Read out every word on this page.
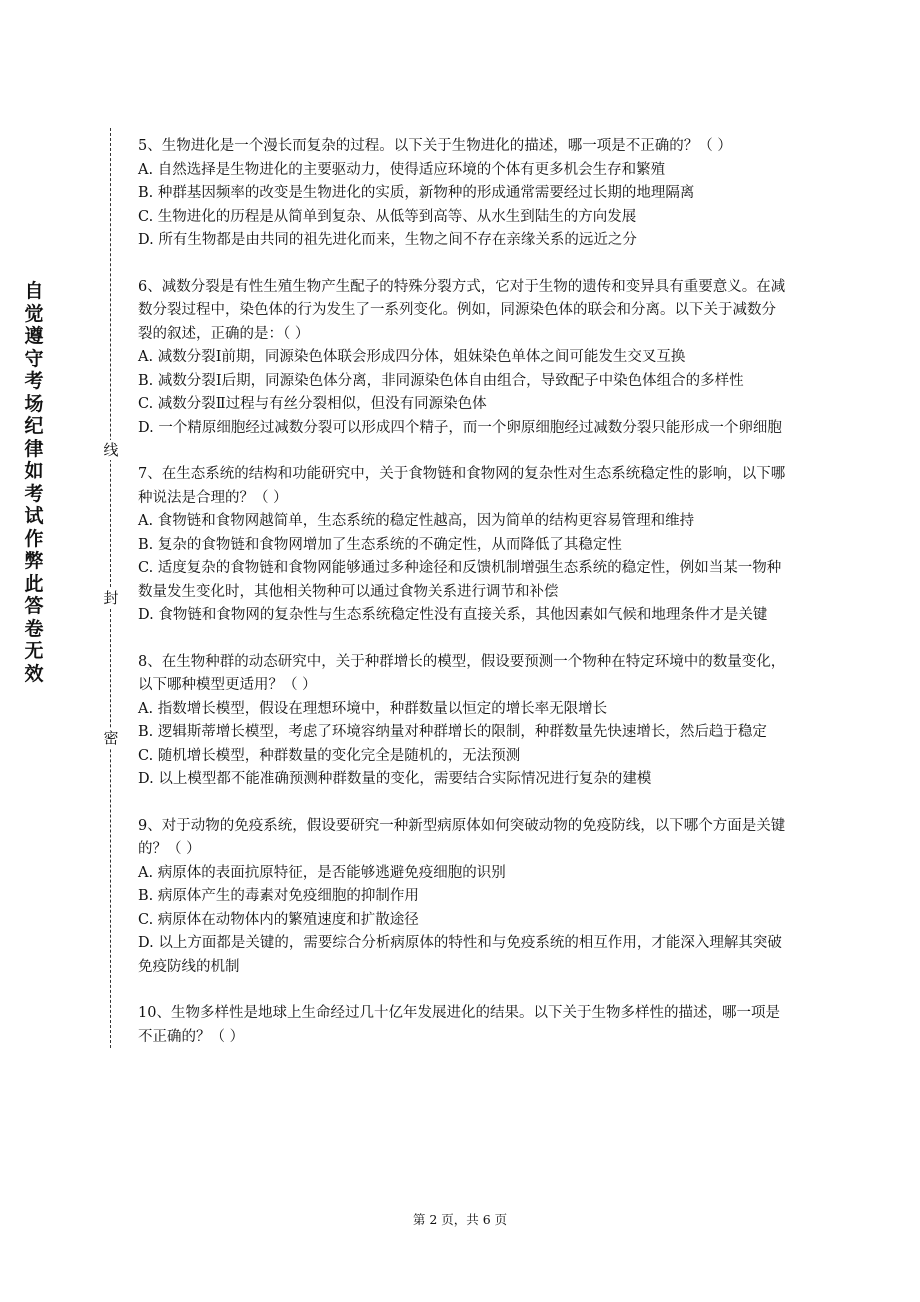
自觉遵守考场纪律如考试作弊此答卷无效
线
封
密

5、生物进化是一个漫长而复杂的过程。以下关于生物进化的描述，哪一项是不正确的？（ ）

A. 自然选择是生物进化的主要驱动力，使得适应环境的个体有更多机会生存和繁殖

B. 种群基因频率的改变是生物进化的实质，新物种的形成通常需要经过长期的地理隔离

C. 生物进化的历程是从简单到复杂、从低等到高等、从水生到陆生的方向发展

D. 所有生物都是由共同的祖先进化而来，生物之间不存在亲缘关系的远近之分

6、减数分裂是有性生殖生物产生配子的特殊分裂方式，它对于生物的遗传和变异具有重要意义。在减数分裂过程中，染色体的行为发生了一系列变化。例如，同源染色体的联会和分离。以下关于减数分裂的叙述，正确的是：（ ）

A. 减数分裂Ⅰ前期，同源染色体联会形成四分体，姐妹染色单体之间可能发生交叉互换

B. 减数分裂Ⅰ后期，同源染色体分离，非同源染色体自由组合，导致配子中染色体组合的多样性

C. 减数分裂Ⅱ过程与有丝分裂相似，但没有同源染色体

D. 一个精原细胞经过减数分裂可以形成四个精子，而一个卵原细胞经过减数分裂只能形成一个卵细胞

7、在生态系统的结构和功能研究中，关于食物链和食物网的复杂性对生态系统稳定性的影响，以下哪种说法是合理的？（ ）

A. 食物链和食物网越简单，生态系统的稳定性越高，因为简单的结构更容易管理和维持

B. 复杂的食物链和食物网增加了生态系统的不确定性，从而降低了其稳定性

C. 适度复杂的食物链和食物网能够通过多种途径和反馈机制增强生态系统的稳定性，例如当某一物种数量发生变化时，其他相关物种可以通过食物关系进行调节和补偿

D. 食物链和食物网的复杂性与生态系统稳定性没有直接关系，其他因素如气候和地理条件才是关键

8、在生物种群的动态研究中，关于种群增长的模型，假设要预测一个物种在特定环境中的数量变化，以下哪种模型更适用？（ ）

A. 指数增长模型，假设在理想环境中，种群数量以恒定的增长率无限增长

B. 逻辑斯蒂增长模型，考虑了环境容纳量对种群增长的限制，种群数量先快速增长，然后趋于稳定

C. 随机增长模型，种群数量的变化完全是随机的，无法预测

D. 以上模型都不能准确预测种群数量的变化，需要结合实际情况进行复杂的建模

9、对于动物的免疫系统，假设要研究一种新型病原体如何突破动物的免疫防线，以下哪个方面是关键的？（ ）

A. 病原体的表面抗原特征，是否能够逃避免疫细胞的识别

B. 病原体产生的毒素对免疫细胞的抑制作用

C. 病原体在动物体内的繁殖速度和扩散途径

D. 以上方面都是关键的，需要综合分析病原体的特性和与免疫系统的相互作用，才能深入理解其突破免疫防线的机制

10、生物多样性是地球上生命经过几十亿年发展进化的结果。以下关于生物多样性的描述，哪一项是不正确的？（ ）

第 2 页，共 6 页
